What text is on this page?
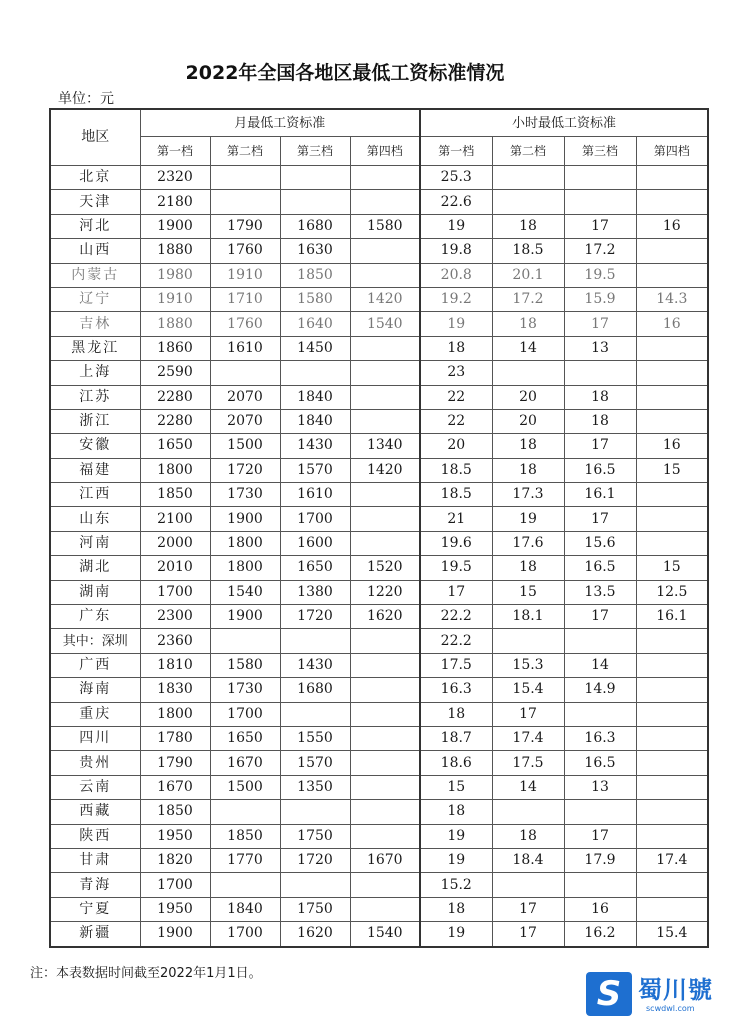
2022年全国各地区最低工资标准情况
单位：元
地区	月最低工资标准				小时最低工资标准			
	第一档	第二档	第三档	第四档	第一档	第二档	第三档	第四档
北京	2320				25.3			
天津	2180				22.6			
河北	1900	1790	1680	1580	19	18	17	16
山西	1880	1760	1630		19.8	18.5	17.2	
内蒙古	1980	1910	1850		20.8	20.1	19.5	
辽宁	1910	1710	1580	1420	19.2	17.2	15.9	14.3
吉林	1880	1760	1640	1540	19	18	17	16
黑龙江	1860	1610	1450		18	14	13	
上海	2590				23			
江苏	2280	2070	1840		22	20	18	
浙江	2280	2070	1840		22	20	18	
安徽	1650	1500	1430	1340	20	18	17	16
福建	1800	1720	1570	1420	18.5	18	16.5	15
江西	1850	1730	1610		18.5	17.3	16.1	
山东	2100	1900	1700		21	19	17	
河南	2000	1800	1600		19.6	17.6	15.6	
湖北	2010	1800	1650	1520	19.5	18	16.5	15
湖南	1700	1540	1380	1220	17	15	13.5	12.5
广东	2300	1900	1720	1620	22.2	18.1	17	16.1
其中：深圳	2360				22.2			
广西	1810	1580	1430		17.5	15.3	14	
海南	1830	1730	1680		16.3	15.4	14.9	
重庆	1800	1700			18	17		
四川	1780	1650	1550		18.7	17.4	16.3	
贵州	1790	1670	1570		18.6	17.5	16.5	
云南	1670	1500	1350		15	14	13	
西藏	1850				18			
陕西	1950	1850	1750		19	18	17	
甘肃	1820	1770	1720	1670	19	18.4	17.9	17.4
青海	1700				15.2			
宁夏	1950	1840	1750		18	17	16	
新疆	1900	1700	1620	1540	19	17	16.2	15.4
注：本表数据时间截至2022年1月1日。
S 蜀川號
scwdwl.com
